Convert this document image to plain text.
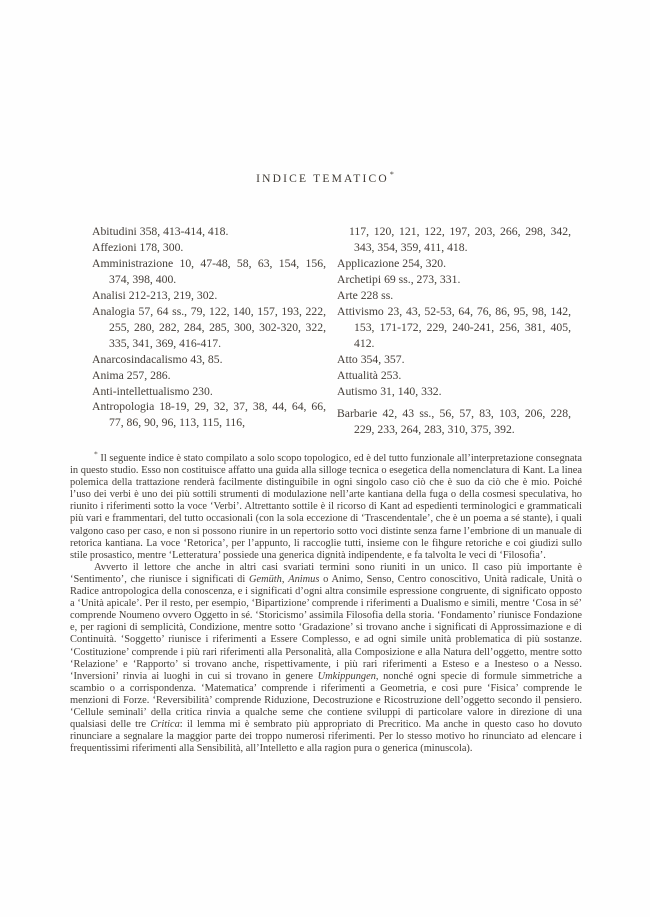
INDICE TEMATICO*

Abitudini 358, 413-414, 418.

Affezioni 178, 300.

Amministrazione 10, 47-48, 58, 63, 154, 156, 374, 398, 400.

Analisi 212-213, 219, 302.

Analogia 57, 64 ss., 79, 122, 140, 157, 193, 222, 255, 280, 282, 284, 285, 300, 302-320, 322, 335, 341, 369, 416-417.

Anarcosindacalismo 43, 85.

Anima 257, 286.

Anti-intellettualismo 230.

Antropologia 18-19, 29, 32, 37, 38, 44, 64, 66, 77, 86, 90, 96, 113, 115, 116,

117, 120, 121, 122, 197, 203, 266, 298, 342, 343, 354, 359, 411, 418.

Applicazione 254, 320.

Archetipi 69 ss., 273, 331.

Arte 228 ss.

Attivismo 23, 43, 52-53, 64, 76, 86, 95, 98, 142, 153, 171-172, 229, 240-241, 256, 381, 405, 412.

Atto 354, 357.

Attualità 253.

Autismo 31, 140, 332.

Barbarie 42, 43 ss., 56, 57, 83, 103, 206, 228, 229, 233, 264, 283, 310, 375, 392.

* Il seguente indice è stato compilato a solo scopo topologico, ed è del tutto funzionale all’interpretazione consegnata in questo studio. Esso non costituisce affatto una guida alla silloge tecnica o esegetica della nomenclatura di Kant. La linea polemica della trattazione renderà facilmente distinguibile in ogni singolo caso ciò che è suo da ciò che è mio. Poiché l’uso dei verbi è uno dei più sottili strumenti di modulazione nell’arte kantiana della fuga o della cosmesi speculativa, ho riunito i riferimenti sotto la voce ‘Verbi’. Altrettanto sottile è il ricorso di Kant ad espedienti terminologici e grammaticali più vari e frammentari, del tutto occasionali (con la sola eccezione di ‘Trascendentale’, che è un poema a sé stante), i quali valgono caso per caso, e non si possono riunire in un repertorio sotto voci distinte senza farne l’embrione di un manuale di retorica kantiana. La voce ‘Retorica’, per l’appunto, li raccoglie tutti, insieme con le fihgure retoriche e coi giudizi sullo stile prosastico, mentre ‘Letteratura’ possiede una generica dignità indipendente, e fa talvolta le veci di ‘Filosofia’.

Avverto il lettore che anche in altri casi svariati termini sono riuniti in un unico. Il caso più importante è ‘Sentimento’, che riunisce i significati di Gemüth, Animus o Animo, Senso, Centro conoscitivo, Unità radicale, Unità o Radice antropologica della conoscenza, e i significati d’ogni altra consimile espressione congruente, di significato opposto a ‘Unità apicale’. Per il resto, per esempio, ‘Bipartizione’ comprende i riferimenti a Dualismo e simili, mentre ‘Cosa in sé’ comprende Noumeno ovvero Oggetto in sé. ‘Storicismo’ assimila Filosofia della storia. ‘Fondamento’ riunisce Fondazione e, per ragioni di semplicità, Condizione, mentre sotto ‘Gradazione’ si trovano anche i significati di Approssimazione e di Continuità. ‘Soggetto’ riunisce i riferimenti a Essere Complesso, e ad ogni simile unità problematica di più sostanze. ‘Costituzione’ comprende i più rari riferimenti alla Personalità, alla Composizione e alla Natura dell’oggetto, mentre sotto ‘Relazione’ e ‘Rapporto’ si trovano anche, rispettivamente, i più rari riferimenti a Esteso e a Inesteso o a Nesso. ‘Inversioni’ rinvia ai luoghi in cui si trovano in genere Umkippungen, nonché ogni specie di formule simmetriche a scambio o a corrispondenza. ‘Matematica’ comprende i riferimenti a Geometria, e così pure ‘Fisica’ comprende le menzioni di Forze. ‘Reversibilità’ comprende Riduzione, Decostruzione e Ricostruzione dell’oggetto secondo il pensiero. ‘Cellule seminali’ della critica rinvia a qualche seme che contiene sviluppi di particolare valore in direzione di una qualsiasi delle tre Critica: il lemma mi è sembrato più appropriato di Precritico. Ma anche in questo caso ho dovuto rinunciare a segnalare la maggior parte dei troppo numerosi riferimenti. Per lo stesso motivo ho rinunciato ad elencare i frequentissimi riferimenti alla Sensibilità, all’Intelletto e alla ragion pura o generica (minuscola).
